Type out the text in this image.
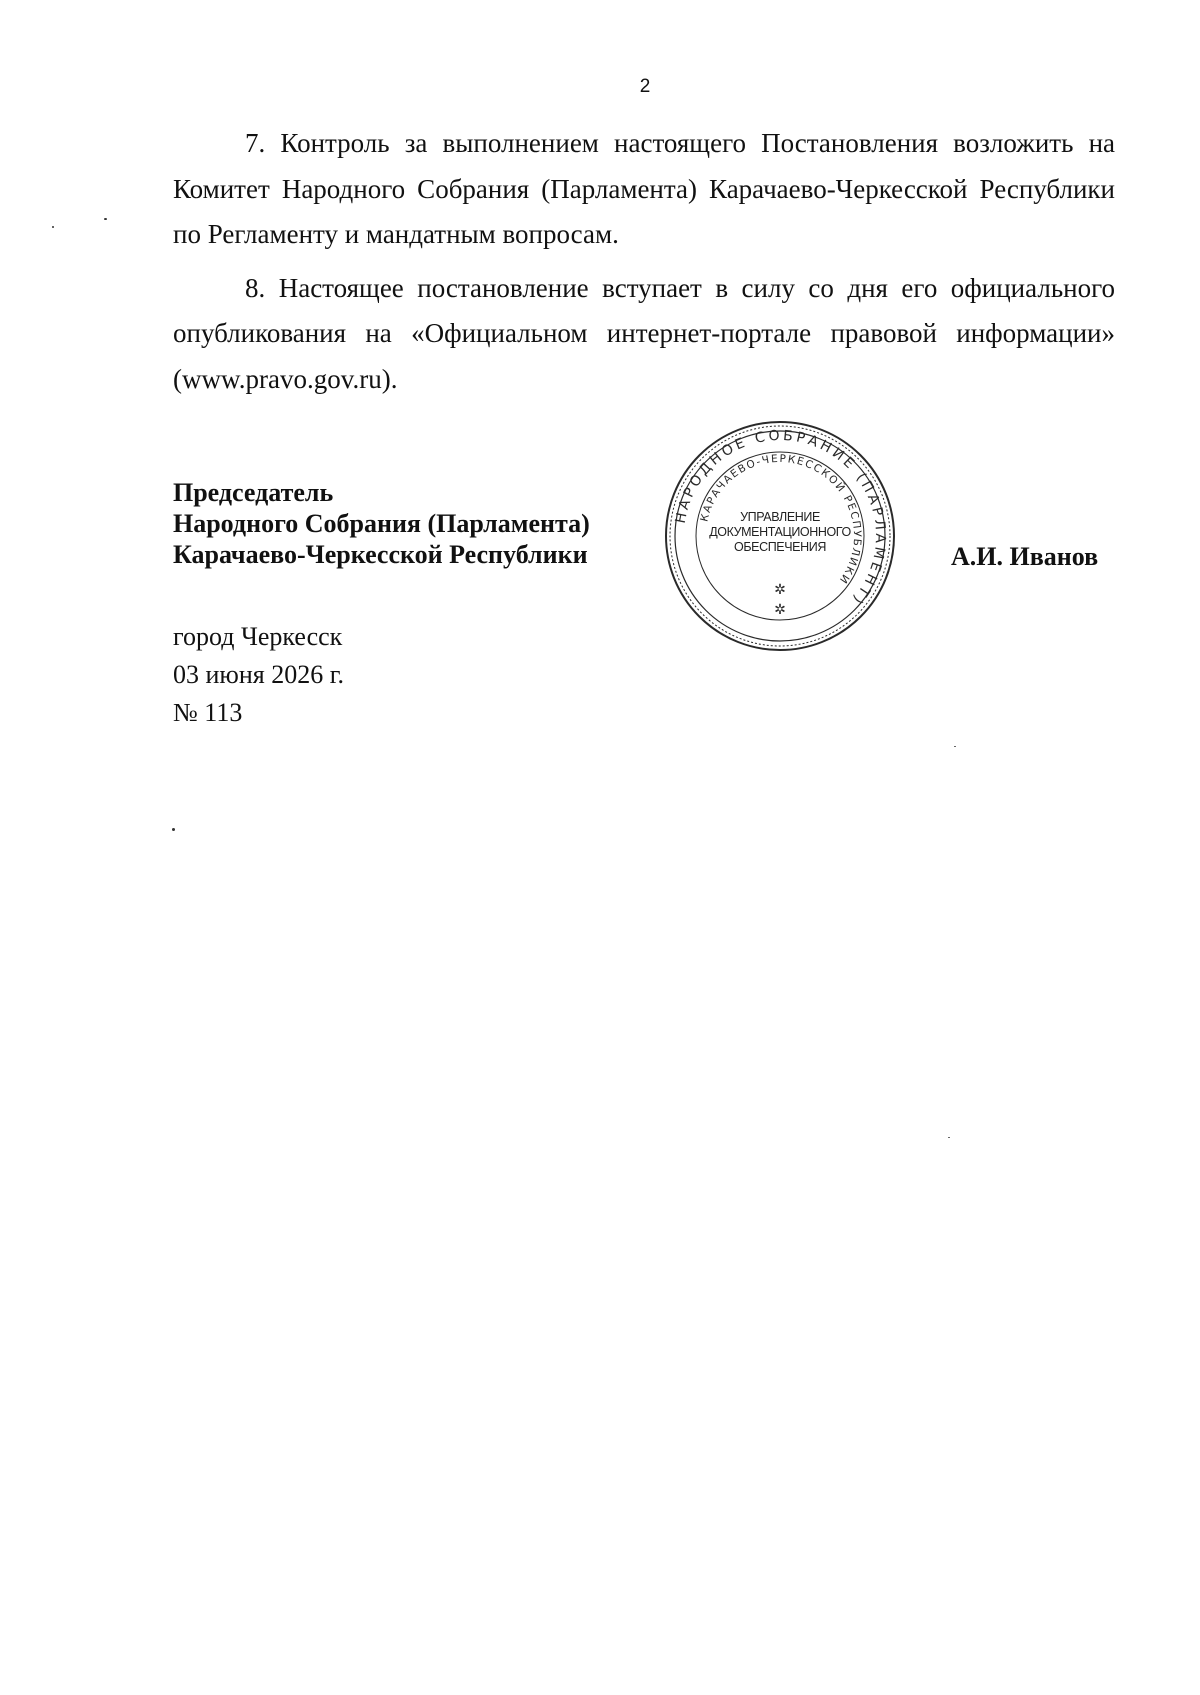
2

7. Контроль за выполнением настоящего Постановления возложить на Комитет Народного Собрания (Парламента) Карачаево-Черкесской Республики по Регламенту и мандатным вопросам.

8. Настоящее постановление вступает в силу со дня его официального опубликования на «Официальном интернет-портале правовой информации» (www.pravo.gov.ru).

Председатель
Народного Собрания (Парламента)
Карачаево-Черкесской Республики
НАРОДНОЕ СОБРАНИЕ (ПАРЛАМЕНТ)
КАРАЧАЕВО-ЧЕРКЕССКОЙ РЕСПУБЛИКИ
✲
✲
УПРАВЛЕНИЕ
ДОКУМЕНТАЦИОННОГО
ОБЕСПЕЧЕНИЯ	А.И. Иванов
город Черкесск
03 июня 2026 г.
№ 113
